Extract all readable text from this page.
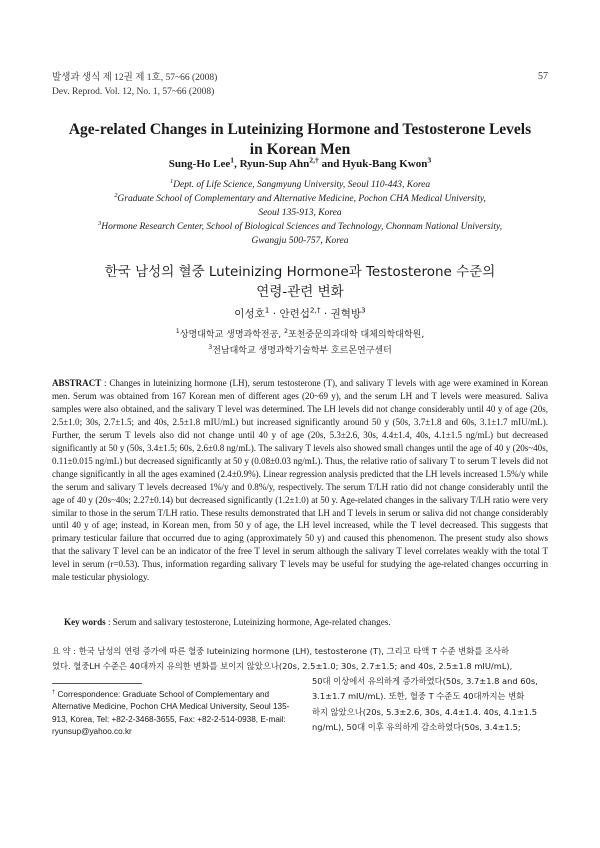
발생과 생식 제 12권 제 1호, 57~66 (2008)
Dev. Reprod. Vol. 12, No. 1, 57~66 (2008)
57
Age-related Changes in Luteinizing Hormone and Testosterone Levels
in Korean Men
Sung-Ho Lee$^1$, Ryun-Sup Ahn$^{2,\dagger}$ and Hyuk-Bang Kwon$^3$
$^1$Dept. of Life Science, Sangmyung University, Seoul 110-443, Korea
$^2$Graduate School of Complementary and Alternative Medicine, Pochon CHA Medical University,
Seoul 135-913, Korea
$^3$Hormone Research Center, School of Biological Sciences and Technology, Chonnam National University,
Gwangju 500-757, Korea
한국 남성의 혈중 Luteinizing Hormone과 Testosterone 수준의
연령-관련 변화
이성호$^1$ · 안련섭$^{2,\dagger}$ · 권혁방$^3$
$^1$상명대학교 생명과학전공, $^2$포천중문의과대학 대체의학대학원,
$^3$전남대학교 생명과학기술학부 호르몬연구센터
ABSTRACT : Changes in luteinizing hormone (LH), serum testosterone (T), and salivary T levels with age were examined in Korean men. Serum was obtained from 167 Korean men of different ages (20~69 y), and the serum LH and T levels were measured. Saliva samples were also obtained, and the salivary T level was determined. The LH levels did not change considerably until 40 y of age (20s, 2.5±1.0; 30s, 2.7±1.5; and 40s, 2.5±1.8 mIU/mL) but increased significantly around 50 y (50s, 3.7±1.8 and 60s, 3.1±1.7 mIU/mL). Further, the serum T levels also did not change until 40 y of age (20s, 5.3±2.6, 30s, 4.4±1.4, 40s, 4.1±1.5 ng/mL) but decreased significantly at 50 y (50s, 3.4±1.5; 60s, 2.6±0.8 ng/mL). The salivary T levels also showed small changes until the age of 40 y (20s~40s, 0.11±0.015 ng/mL) but decreased significantly at 50 y (0.08±0.03 ng/mL). Thus, the relative ratio of salivary T to serum T levels did not change significantly in all the ages examined (2.4±0.9%). Linear regression analysis predicted that the LH levels increased 1.5%/y while the serum and salivary T levels decreased 1%/y and 0.8%/y, respectively. The serum T/LH ratio did not change considerably until the age of 40 y (20s~40s; 2.27±0.14) but decreased significantly (1.2±1.0) at 50 y. Age-related changes in the salivary T/LH ratio were very similar to those in the serum T/LH ratio. These results demonstrated that LH and T levels in serum or saliva did not change considerably until 40 y of age; instead, in Korean men, from 50 y of age, the LH level increased, while the T level decreased. This suggests that primary testicular failure that occurred due to aging (approximately 50 y) and caused this phenomenon. The present study also shows that the salivary T level can be an indicator of the free T level in serum although the salivary T level correlates weakly with the total T level in serum (r=0.53). Thus, information regarding salivary T levels may be useful for studying the age-related changes occurring in male testicular physiology.
Key words : Serum and salivary testosterone, Luteinizing hormone, Age-related changes.
요 약 : 한국 남성의 연령 증가에 따른 혈중 luteinizing hormone (LH), testosterone (T), 그리고 타액 T 수준 변화를 조사하
였다. 혈중LH 수준은 40대까지 유의한 변화를 보이지 않았으나(20s, 2.5±1.0; 30s, 2.7±1.5; and 40s, 2.5±1.8 mIU/mL),
50대 이상에서 유의하게 증가하였다(50s, 3.7±1.8 and 60s,
3.1±1.7 mIU/mL). 또한, 혈중 T 수준도 40대까지는 변화
하지 않았으나(20s, 5.3±2.6, 30s, 4.4±1.4. 40s, 4.1±1.5
ng/mL), 50대 이후 유의하게 감소하였다(50s, 3.4±1.5;
† Correspondence: Graduate School of Complementary and Alternative Medicine, Pochon CHA Medical University, Seoul 135-913, Korea, Tel: +82-2-3468-3655, Fax: +82-2-514-0938, E-mail: ryunsup@yahoo.co.kr
